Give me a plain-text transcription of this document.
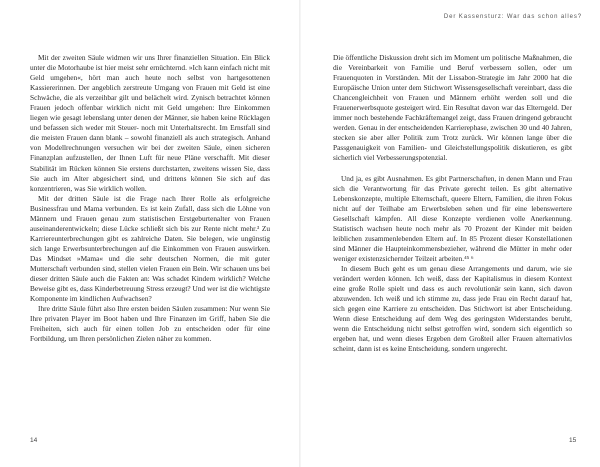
Mit der zweiten Säule widmen wir uns Ihrer finanziellen Situation. Ein Blick unter die Motorhaube ist hier meist sehr ernüchternd. »Ich kann einfach nicht mit Geld umgehen«, hört man auch heute noch selbst von hartgesottenen Kassiererinnen. Der angeblich zerstreute Umgang von Frauen mit Geld ist eine Schwäche, die als verzeihbar gilt und belächelt wird. Zynisch betrachtet können Frauen jedoch offenbar wirklich nicht mit Geld umgehen: Ihre Einkommen liegen wie gesagt lebenslang unter denen der Männer, sie haben keine Rücklagen und befassen sich weder mit Steuer- noch mit Unterhaltsrecht. Im Ernstfall sind die meisten Frauen dann blank – sowohl finanziell als auch strategisch. Anhand von Modellrechnungen versuchen wir bei der zweiten Säule, einen sicheren Finanzplan aufzustellen, der Ihnen Luft für neue Pläne verschafft. Mit dieser Stabilität im Rücken können Sie erstens durchstarten, zweitens wissen Sie, dass Sie auch im Alter abgesichert sind, und drittens können Sie sich auf das konzentrieren, was Sie wirklich wollen.

Mit der dritten Säule ist die Frage nach Ihrer Rolle als erfolgreiche Businessfrau und Mama verbunden. Es ist kein Zufall, dass sich die Löhne von Männern und Frauen genau zum statistischen Erstgeburtenalter von Frauen auseinanderentwickeln; diese Lücke schließt sich bis zur Rente nicht mehr.³ Zu Karriereunterbrechungen gibt es zahlreiche Daten. Sie belegen, wie ungünstig sich lange Erwerbsunterbrechungen auf die Einkommen von Frauen auswirken. Das Mindset »Mama« und die sehr deutschen Normen, die mit guter Mutterschaft verbunden sind, stellen vielen Frauen ein Bein. Wir schauen uns bei dieser dritten Säule auch die Fakten an: Was schadet Kindern wirklich? Welche Beweise gibt es, dass Kinderbetreuung Stress erzeugt? Und wer ist die wichtigste Komponente im kindlichen Aufwachsen?

Ihre dritte Säule führt also Ihre ersten beiden Säulen zusammen: Nur wenn Sie Ihre privaten Player im Boot haben und Ihre Finanzen im Griff, haben Sie die Freiheiten, sich auch für einen tollen Job zu entscheiden oder für eine Fortbildung, um Ihren persönlichen Zielen näher zu kommen.

14
Der Kassensturz: War das schon alles?

Die öffentliche Diskussion dreht sich im Moment um politische Maßnahmen, die die Vereinbarkeit von Familie und Beruf verbessern sollen, oder um Frauenquoten in Vorständen. Mit der Lissabon-Strategie im Jahr 2000 hat die Europäische Union unter dem Stichwort Wissensgesellschaft vereinbart, dass die Chancengleichheit von Frauen und Männern erhöht werden soll und die Frauenerwerbsquote gesteigert wird. Ein Resultat davon war das Elterngeld. Der immer noch bestehende Fachkräftemangel zeigt, dass Frauen dringend gebraucht werden. Genau in der entscheidenden Karrierephase, zwischen 30 und 40 Jahren, stecken sie aber aller Politik zum Trotz zurück. Wir können lange über die Passgenauigkeit von Familien- und Gleichstellungspolitik diskutieren, es gibt sicherlich viel Verbesserungspotenzial.

Und ja, es gibt Ausnahmen. Es gibt Partnerschaften, in denen Mann und Frau sich die Verantwortung für das Private gerecht teilen. Es gibt alternative Lebenskonzepte, multiple Elternschaft, queere Eltern, Familien, die ihren Fokus nicht auf der Teilhabe am Erwerbsleben sehen und für eine lebenswertere Gesellschaft kämpfen. All diese Konzepte verdienen volle Anerkennung. Statistisch wachsen heute noch mehr als 70 Prozent der Kinder mit beiden leiblichen zusammenlebenden Eltern auf. In 85 Prozent dieser Konstellationen sind Männer die Haupteinkommensbezieher, während die Mütter in mehr oder weniger existenzsichernder Teilzeit arbeiten.⁴⁵ ⁶

In diesem Buch geht es um genau diese Arrangements und darum, wie sie verändert werden können. Ich weiß, dass der Kapitalismus in diesem Kontext eine große Rolle spielt und dass es auch revolutionär sein kann, sich davon abzuwenden. Ich weiß und ich stimme zu, dass jede Frau ein Recht darauf hat, sich gegen eine Karriere zu entscheiden. Das Stichwort ist aber Entscheidung. Wenn diese Entscheidung auf dem Weg des geringsten Widerstandes beruht, wenn die Entscheidung nicht selbst getroffen wird, sondern sich eigentlich so ergeben hat, und wenn dieses Ergeben dem Großteil aller Frauen alternativlos scheint, dann ist es keine Entscheidung, sondern ungerecht.

15
